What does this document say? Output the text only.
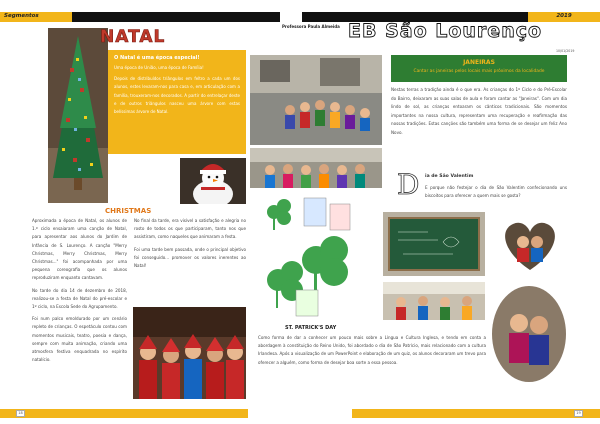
Segmentos
NATAL
O Natal é uma época especial!
Uma época de União, uma época de Família!
Depois de distribuídos triângulos em feltro a cada um dos alunos, estes levaram-nos para casa e, em articulação com a família, trouxeram-nos decorados. A partir do entrelaçar deste e de outros triângulos nasceu uma árvore com estas belíssimas árvore de Natal.
CHRISTMAS

Aproximada a época de Natal, os alunos de 1.º ciclo ensaiaram uma canção de Natal, para apresentar aos alunos do Jardim de Infância de S. Lourenço. A canção "Merry Christmas, Merry Christmas, Merry Christmas..." foi acompanhada por uma pequena coreografia que os alunos reproduziram enquanto cantavam.

No tarde do dia 14 de dezembro de 2018, realizou-se a festa de Natal do pré-escolar e 1º ciclo, na Escola Sede do Agrupamento.

Foi num palco emoldurado por um cenário repleto de crianças. O espetáculo contou com momentos musicais, teatro, poesia e dança, sempre com muita animação, criando uma atmosfera festiva enquadrada no espírito natalício.

No final da tarde, era visível a satisfação e alegria no rosto de todos os que participaram, tanto nos que assistiram, como naqueles que animaram a festa.

Foi uma tarde bem passada, onde o principal objetivo foi conseguido... promover os valores inerentes ao Natal!

18
2019
Professora Paula Almeida EB São Lourenço
10/01/2019
JANEIRAS
Cantar as janeiras pelos locais mais próximos da localidade
Nestas terras a tradição ainda é o que era. As crianças do 1º Ciclo e do Pré-Escolar do Bairro, deixaram as suas salas de aula e foram cantar as "Janeiras". Com um dia lindo de sol, as crianças entoaram os cânticos tradicionais. São momentos importantes na nossa cultura, representam uma recuperação e reafirmação das nossas tradições. Estas canções são também uma forma de se desejar um feliz Ano Novo.
D ia de São Valentim
E porque não festejar o dia de São Valentim confecionando uns biscoitos para oferecer a quem mais se gosta?
ST. PATRICK'S DAY
Como forma de dar a conhecer um pouco mais sobre a Língua e Cultura Inglesa, e tendo em conta a abordagem à constituição do Reino Unido, foi abordado o dia de São Patrício, mais relacionado com a cultura Irlandesa. Após a visualização de um PowerPoint e elaboração de um quiz, os alunos decoraram um trevo para oferecer a alguém, como forma de desejar boa sorte a essa pessoa.
19
